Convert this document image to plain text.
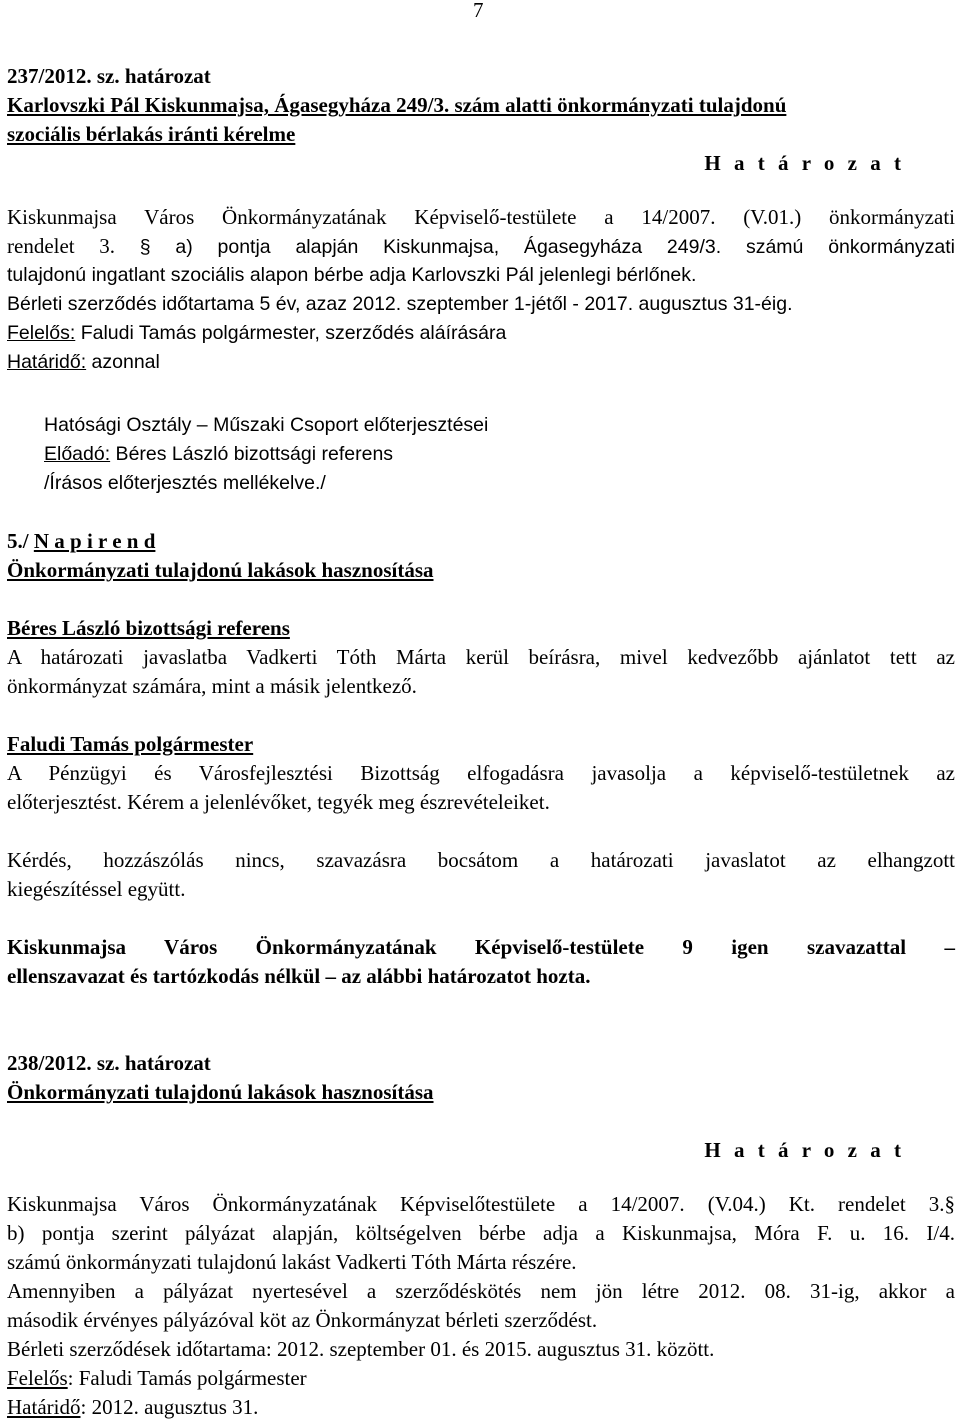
7
237/2012. sz. határozat
Karlovszki Pál Kiskunmajsa, Ágasegyháza 249/3. szám alatti önkormányzati tulajdonú
szociális bérlakás iránti kérelme
H a t á r o z a t
Kiskunmajsa Város Önkormányzatának Képviselő-testülete a 14/2007. (V.01.) önkormányzati
rendelet 3. § a) pontja alapján Kiskunmajsa, Ágasegyháza 249/3. számú önkormányzati
tulajdonú ingatlant szociális alapon bérbe adja Karlovszki Pál jelenlegi bérlőnek.
Bérleti szerződés időtartama 5 év, azaz 2012. szeptember 1-jétől - 2017. augusztus 31-éig.
Felelős: Faludi Tamás polgármester, szerződés aláírására
Határidő: azonnal
Hatósági Osztály – Műszaki Csoport előterjesztései
Előadó: Béres László bizottsági referens
/Írásos előterjesztés mellékelve./
5./ N a p i r e n d
Önkormányzati tulajdonú lakások hasznosítása
Béres László bizottsági referens
A határozati javaslatba Vadkerti Tóth Márta kerül beírásra, mivel kedvezőbb ajánlatot tett az
önkormányzat számára, mint a másik jelentkező.
Faludi Tamás polgármester
A Pénzügyi és Városfejlesztési Bizottság elfogadásra javasolja a képviselő-testületnek az
előterjesztést. Kérem a jelenlévőket, tegyék meg észrevételeiket.
Kérdés, hozzászólás nincs, szavazásra bocsátom a határozati javaslatot az elhangzott
kiegészítéssel együtt.
Kiskunmajsa Város Önkormányzatának Képviselő-testülete 9 igen szavazattal –
ellenszavazat és tartózkodás nélkül – az alábbi határozatot hozta.
238/2012. sz. határozat
Önkormányzati tulajdonú lakások hasznosítása
H a t á r o z a t
Kiskunmajsa Város Önkormányzatának Képviselőtestülete a 14/2007. (V.04.) Kt. rendelet 3.§
b) pontja szerint pályázat alapján, költségelven bérbe adja a Kiskunmajsa, Móra F. u. 16. I/4.
számú önkormányzati tulajdonú lakást Vadkerti Tóth Márta részére.
Amennyiben a pályázat nyertesével a szerződéskötés nem jön létre 2012. 08. 31-ig, akkor a
második érvényes pályázóval köt az Önkormányzat bérleti szerződést.
Bérleti szerződések időtartama: 2012. szeptember 01. és 2015. augusztus 31. között.
Felelős: Faludi Tamás polgármester
Határidő: 2012. augusztus 31.
